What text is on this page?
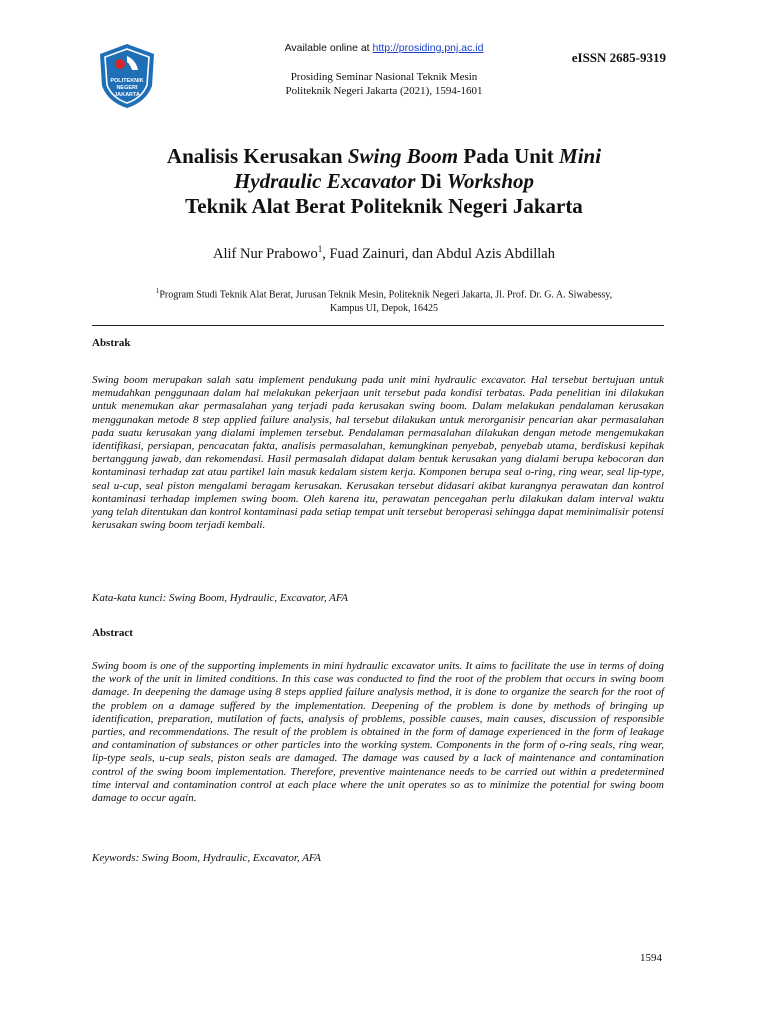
POLITEKNIK
NEGERI
JAKARTA
Available online at http://prosiding.pnj.ac.id
eISSN 2685-9319
Prosiding Seminar Nasional Teknik Mesin
Politeknik Negeri Jakarta (2021), 1594-1601
Analisis Kerusakan Swing Boom Pada Unit Mini
Hydraulic Excavator Di Workshop
Teknik Alat Berat Politeknik Negeri Jakarta
Alif Nur Prabowo$^1$, Fuad Zainuri, dan Abdul Azis Abdillah
$^1$Program Studi Teknik Alat Berat, Jurusan Teknik Mesin, Politeknik Negeri Jakarta, Jl. Prof. Dr. G. A. Siwabessy,
Kampus UI, Depok, 16425
Abstrak

Swing boom merupakan salah satu implement pendukung pada unit mini hydraulic excavator. Hal tersebut bertujuan untuk memudahkan penggunaan dalam hal melakukan pekerjaan unit tersebut pada kondisi terbatas. Pada penelitian ini dilakukan untuk menemukan akar permasalahan yang terjadi pada kerusakan swing boom. Dalam melakukan pendalaman kerusakan menggunakan metode 8 step applied failure analysis, hal tersebut dilakukan untuk merorganisir pencarian akar permasalahan pada suatu kerusakan yang dialami implemen tersebut. Pendalaman permasalahan dilakukan dengan metode mengemukakan identifikasi, persiapan, pencacatan fakta, analisis permasalahan, kemungkinan penyebab, penyebab utama, berdiskusi kepihak bertanggung jawab, dan rekomendasi. Hasil permasalah didapat dalam bentuk kerusakan yang dialami berupa kebocoran dan kontaminasi terhadap zat atau partikel lain masuk kedalam sistem kerja. Komponen berupa seal o-ring, ring wear, seal lip-type, seal u-cup, seal piston mengalami beragam kerusakan. Kerusakan tersebut didasari akibat kurangnya perawatan dan kontrol kontaminasi terhadap implemen swing boom. Oleh karena itu, perawatan pencegahan perlu dilakukan dalam interval waktu yang telah ditentukan dan kontrol kontaminasi pada setiap tempat unit tersebut beroperasi sehingga dapat meminimalisir potensi kerusakan swing boom terjadi kembali.

Kata-kata kunci: Swing Boom, Hydraulic, Excavator, AFA
Abstract

Swing boom is one of the supporting implements in mini hydraulic excavator units. It aims to facilitate the use in terms of doing the work of the unit in limited conditions. In this case was conducted to find the root of the problem that occurs in swing boom damage. In deepening the damage using 8 steps applied failure analysis method, it is done to organize the search for the root of the problem on a damage suffered by the implementation. Deepening of the problem is done by methods of bringing up identification, preparation, mutilation of facts, analysis of problems, possible causes, main causes, discussion of responsible parties, and recommendations. The result of the problem is obtained in the form of damage experienced in the form of leakage and contamination of substances or other particles into the working system. Components in the form of o-ring seals, ring wear, lip-type seals, u-cup seals, piston seals are damaged. The damage was caused by a lack of maintenance and contamination control of the swing boom implementation. Therefore, preventive maintenance needs to be carried out within a predetermined time interval and contamination control at each place where the unit operates so as to minimize the potential for swing boom damage to occur again.

Keywords: Swing Boom, Hydraulic, Excavator, AFA
1594
